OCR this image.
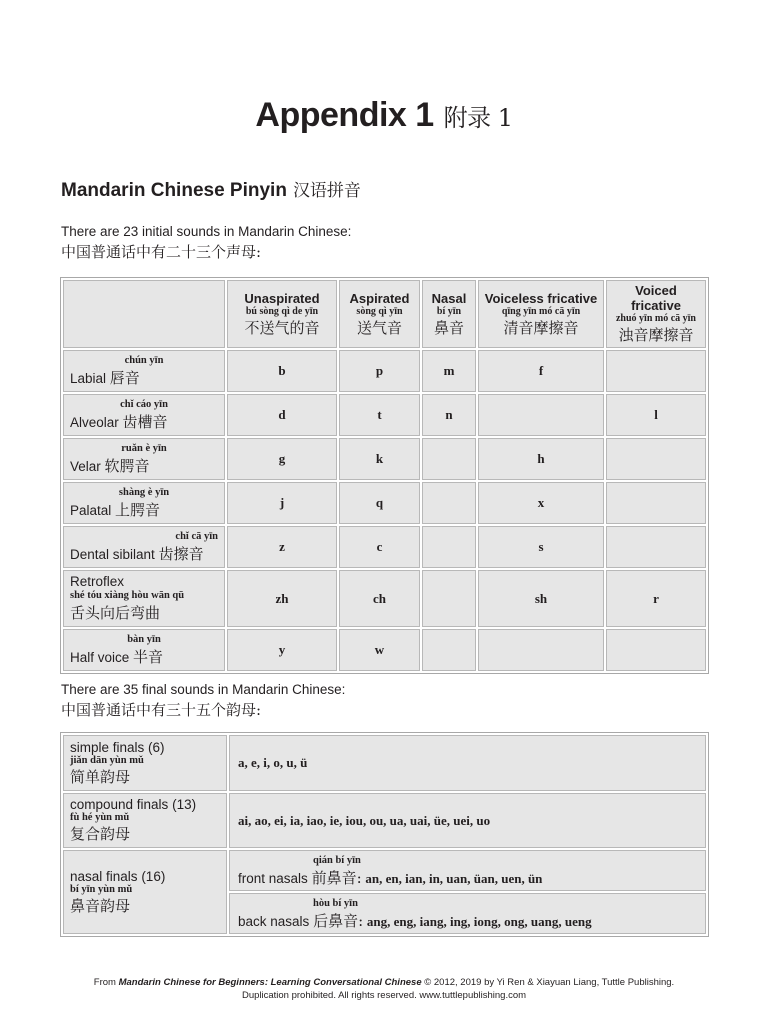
Appendix 1 附录 1
Mandarin Chinese Pinyin 汉语拼音
There are 23 initial sounds in Mandarin Chinese:
中国普通话中有二十三个声母:

	Unaspirated
bú sòng qì de yīn
不送气的音	Aspirated
sòng qì yīn
送气音	Nasal
bí yīn
鼻音	Voiceless fricative
qīng yīn mó cā yīn
清音摩擦音	Voiced fricative
zhuó yīn mó cā yīn
浊音摩擦音

chún yīn
Labial 唇音	b	p	m	f	

chǐ cáo yīn
Alveolar 齿槽音	d	t	n		l

ruǎn è yīn
Velar 软腭音	g	k		h	

shàng è yīn
Palatal 上腭音	j	q		x	

chǐ cā yīn
Dental sibilant 齿擦音	z	c		s	
Retroflex
shé tóu xiàng hòu wān qū
舌头向后弯曲	zh	ch		sh	r

bàn yīn
Half voice 半音	y	w			
There are 35 final sounds in Mandarin Chinese:
中国普通话中有三十五个韵母:
simple finals (6)
jiǎn dān yùn mǔ
简单韵母	a, e, i, o, u, ü
compound finals (13)
fù hé yùn mǔ
复合韵母	ai, ao, ei, ia, iao, ie, iou, ou, ua, uai, üe, uei, uo
nasal finals (16)
bí yīn yùn mǔ
鼻音韵母	qián bí yīn
front nasals 前鼻音: an, en, ian, in, uan, üan, uen, ün

	hòu bí yīn
back nasals 后鼻音: ang, eng, iang, ing, iong, ong, uang, ueng
From Mandarin Chinese for Beginners: Learning Conversational Chinese © 2012, 2019 by Yi Ren & Xiayuan Liang, Tuttle Publishing.
Duplication prohibited. All rights reserved. www.tuttlepublishing.com
